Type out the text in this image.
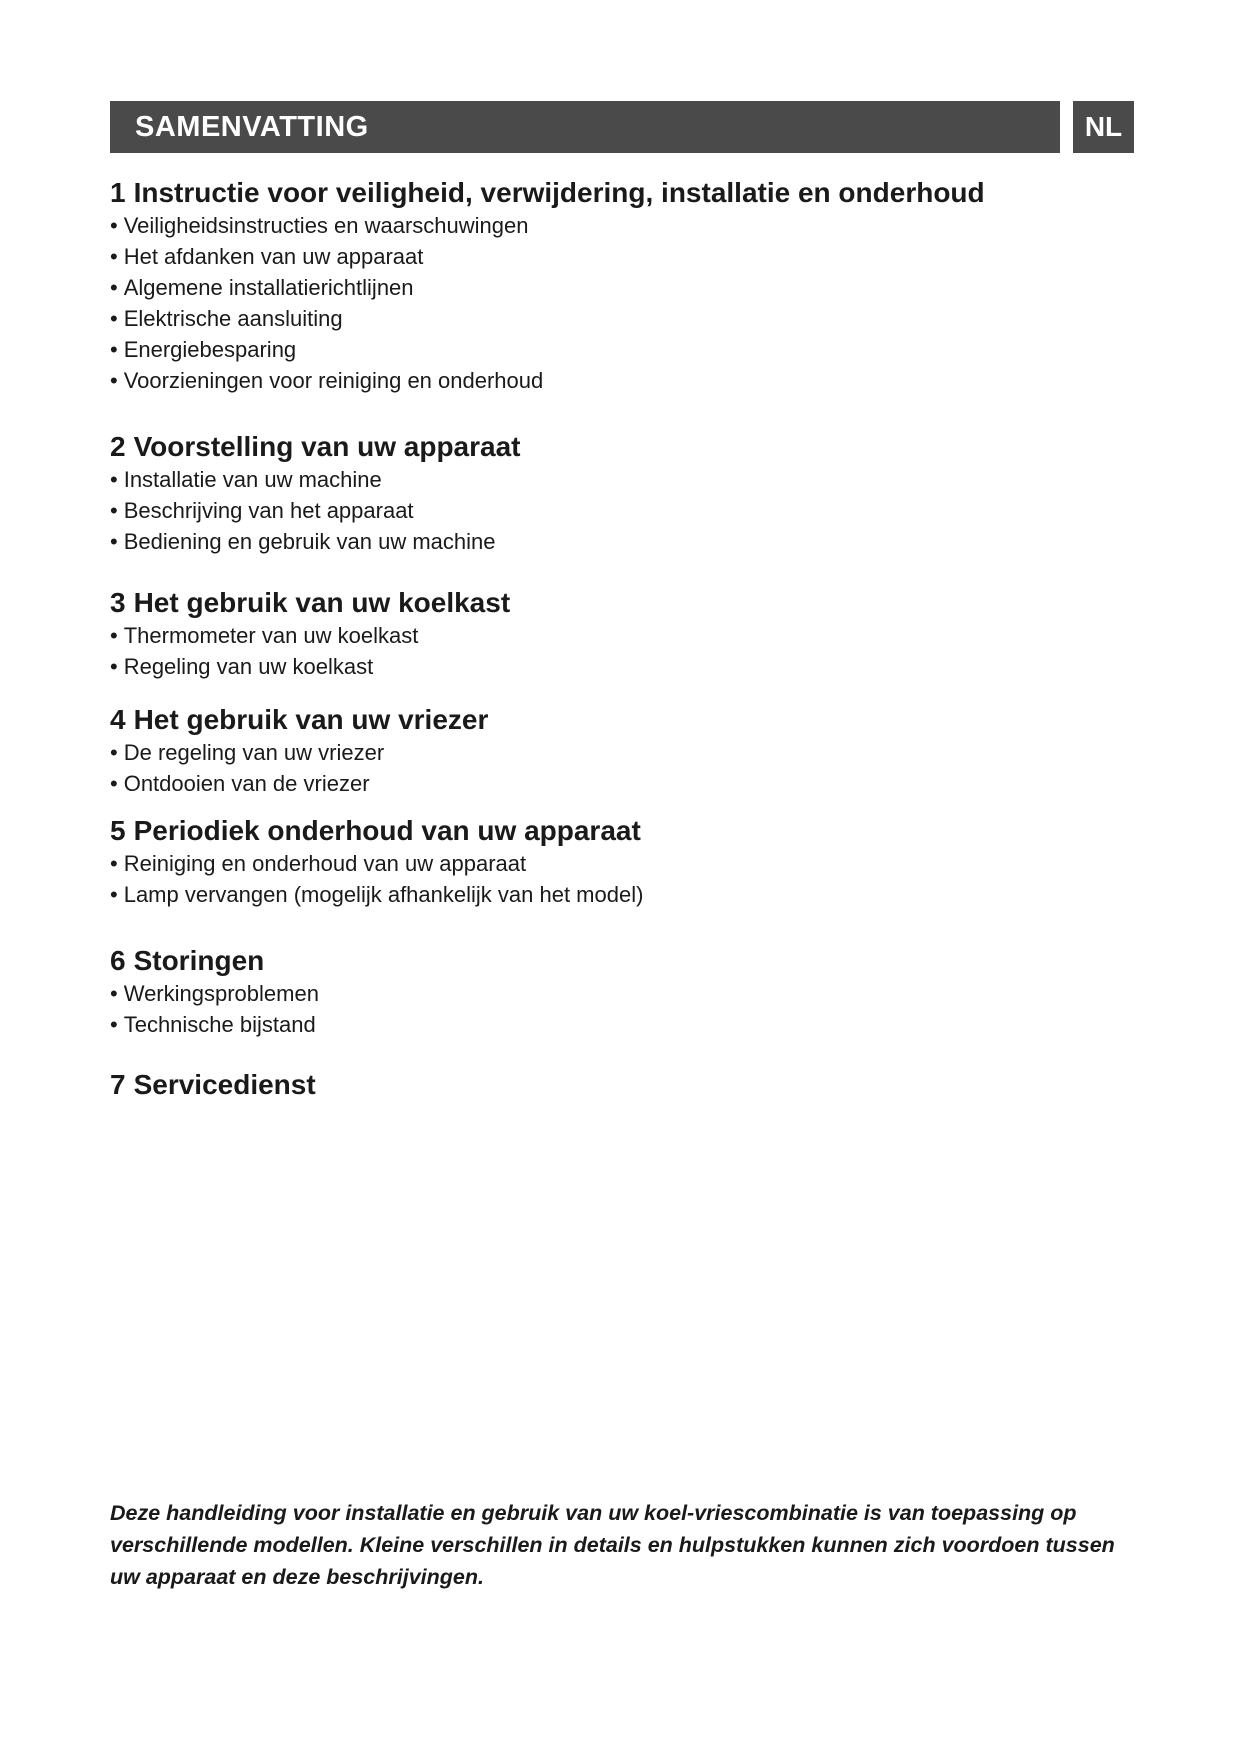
SAMENVATTING	NL
1 Instructie voor veiligheid, verwijdering, installatie en onderhoud
• Veiligheidsinstructies en waarschuwingen
• Het afdanken van uw apparaat
• Algemene installatierichtlijnen
• Elektrische aansluiting
• Energiebesparing
• Voorzieningen voor reiniging en onderhoud
2 Voorstelling van uw apparaat
• Installatie van uw machine
• Beschrijving van het apparaat
• Bediening en gebruik van uw machine
3 Het gebruik van uw koelkast
• Thermometer van uw koelkast
• Regeling van uw koelkast
4 Het gebruik van uw vriezer
• De regeling van uw vriezer
• Ontdooien van de vriezer
5 Periodiek onderhoud van uw apparaat
• Reiniging en onderhoud van uw apparaat
• Lamp vervangen (mogelijk afhankelijk van het model)
6 Storingen
• Werkingsproblemen
• Technische bijstand
7 Servicedienst

Deze handleiding voor installatie en gebruik van uw koel-vriescombinatie is van toepassing op verschillende modellen. Kleine verschillen in details en hulpstukken kunnen zich voordoen tussen uw apparaat en deze beschrijvingen.
